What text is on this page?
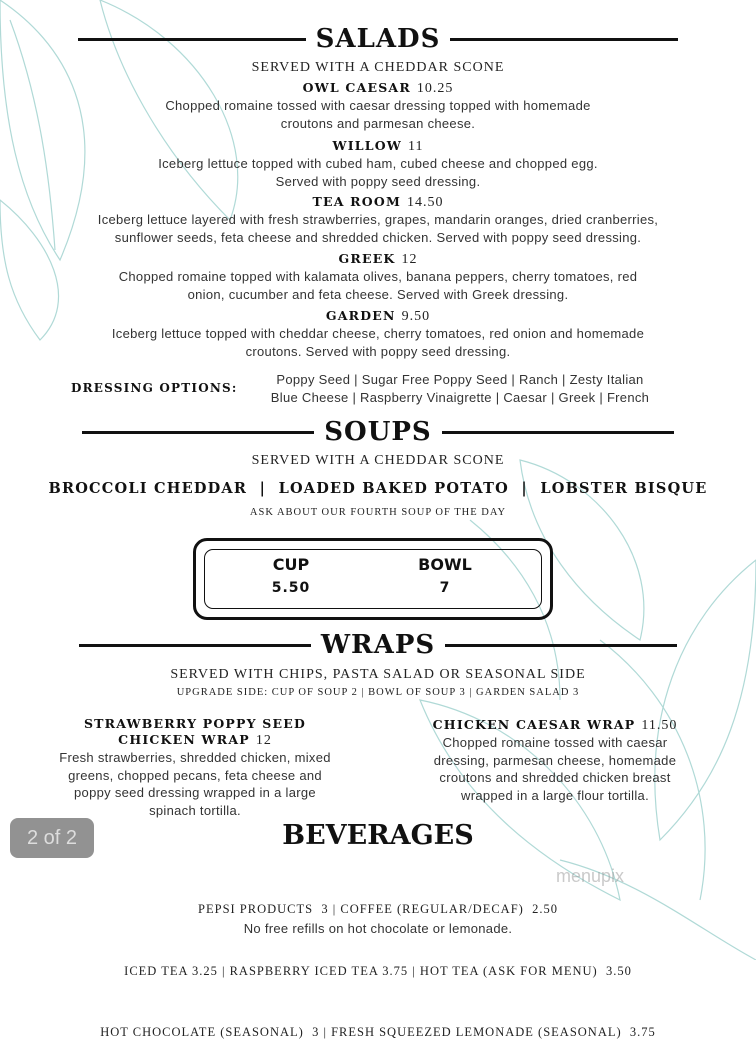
SALADS
SERVED WITH A CHEDDAR SCONE
OWL CAESAR 10.25
Chopped romaine tossed with caesar dressing topped with homemade
croutons and parmesan cheese.
WILLOW 11
Iceberg lettuce topped with cubed ham, cubed cheese and chopped egg.
Served with poppy seed dressing.
TEA ROOM 14.50
Iceberg lettuce layered with fresh strawberries, grapes, mandarin oranges, dried cranberries,
sunflower seeds, feta cheese and shredded chicken. Served with poppy seed dressing.
GREEK 12
Chopped romaine topped with kalamata olives, banana peppers, cherry tomatoes, red
onion, cucumber and feta cheese. Served with Greek dressing.
GARDEN 9.50
Iceberg lettuce topped with cheddar cheese, cherry tomatoes, red onion and homemade
croutons. Served with poppy seed dressing.
DRESSING OPTIONS:
Poppy Seed | Sugar Free Poppy Seed | Ranch | Zesty Italian
Blue Cheese | Raspberry Vinaigrette | Caesar | Greek | French
SOUPS
SERVED WITH A CHEDDAR SCONE
BROCCOLI CHEDDAR  |  LOADED BAKED POTATO  |  LOBSTER BISQUE
ASK ABOUT OUR FOURTH SOUP OF THE DAY
CUP
5.50
BOWL
7
WRAPS
SERVED WITH CHIPS, PASTA SALAD OR SEASONAL SIDE
UPGRADE SIDE: CUP OF SOUP 2 | BOWL OF SOUP 3 | GARDEN SALAD 3
STRAWBERRY POPPY SEED
CHICKEN WRAP 12
Fresh strawberries, shredded chicken, mixed
greens, chopped pecans, feta cheese and
poppy seed dressing wrapped in a large
spinach tortilla.
CHICKEN CAESAR WRAP 11.50
Chopped romaine tossed with caesar
dressing, parmesan cheese, homemade
croutons and shredded chicken breast
wrapped in a large flour tortilla.
BEVERAGES

PEPSI PRODUCTS  3 | COFFEE (REGULAR/DECAF)  2.50

ICED TEA 3.25 | RASPBERRY ICED TEA 3.75 | HOT TEA (ASK FOR MENU)  3.50

HOT CHOCOLATE (SEASONAL)  3 | FRESH SQUEEZED LEMONADE (SEASONAL)  3.75

No free refills on hot chocolate or lemonade.
2 of 2
menupix
